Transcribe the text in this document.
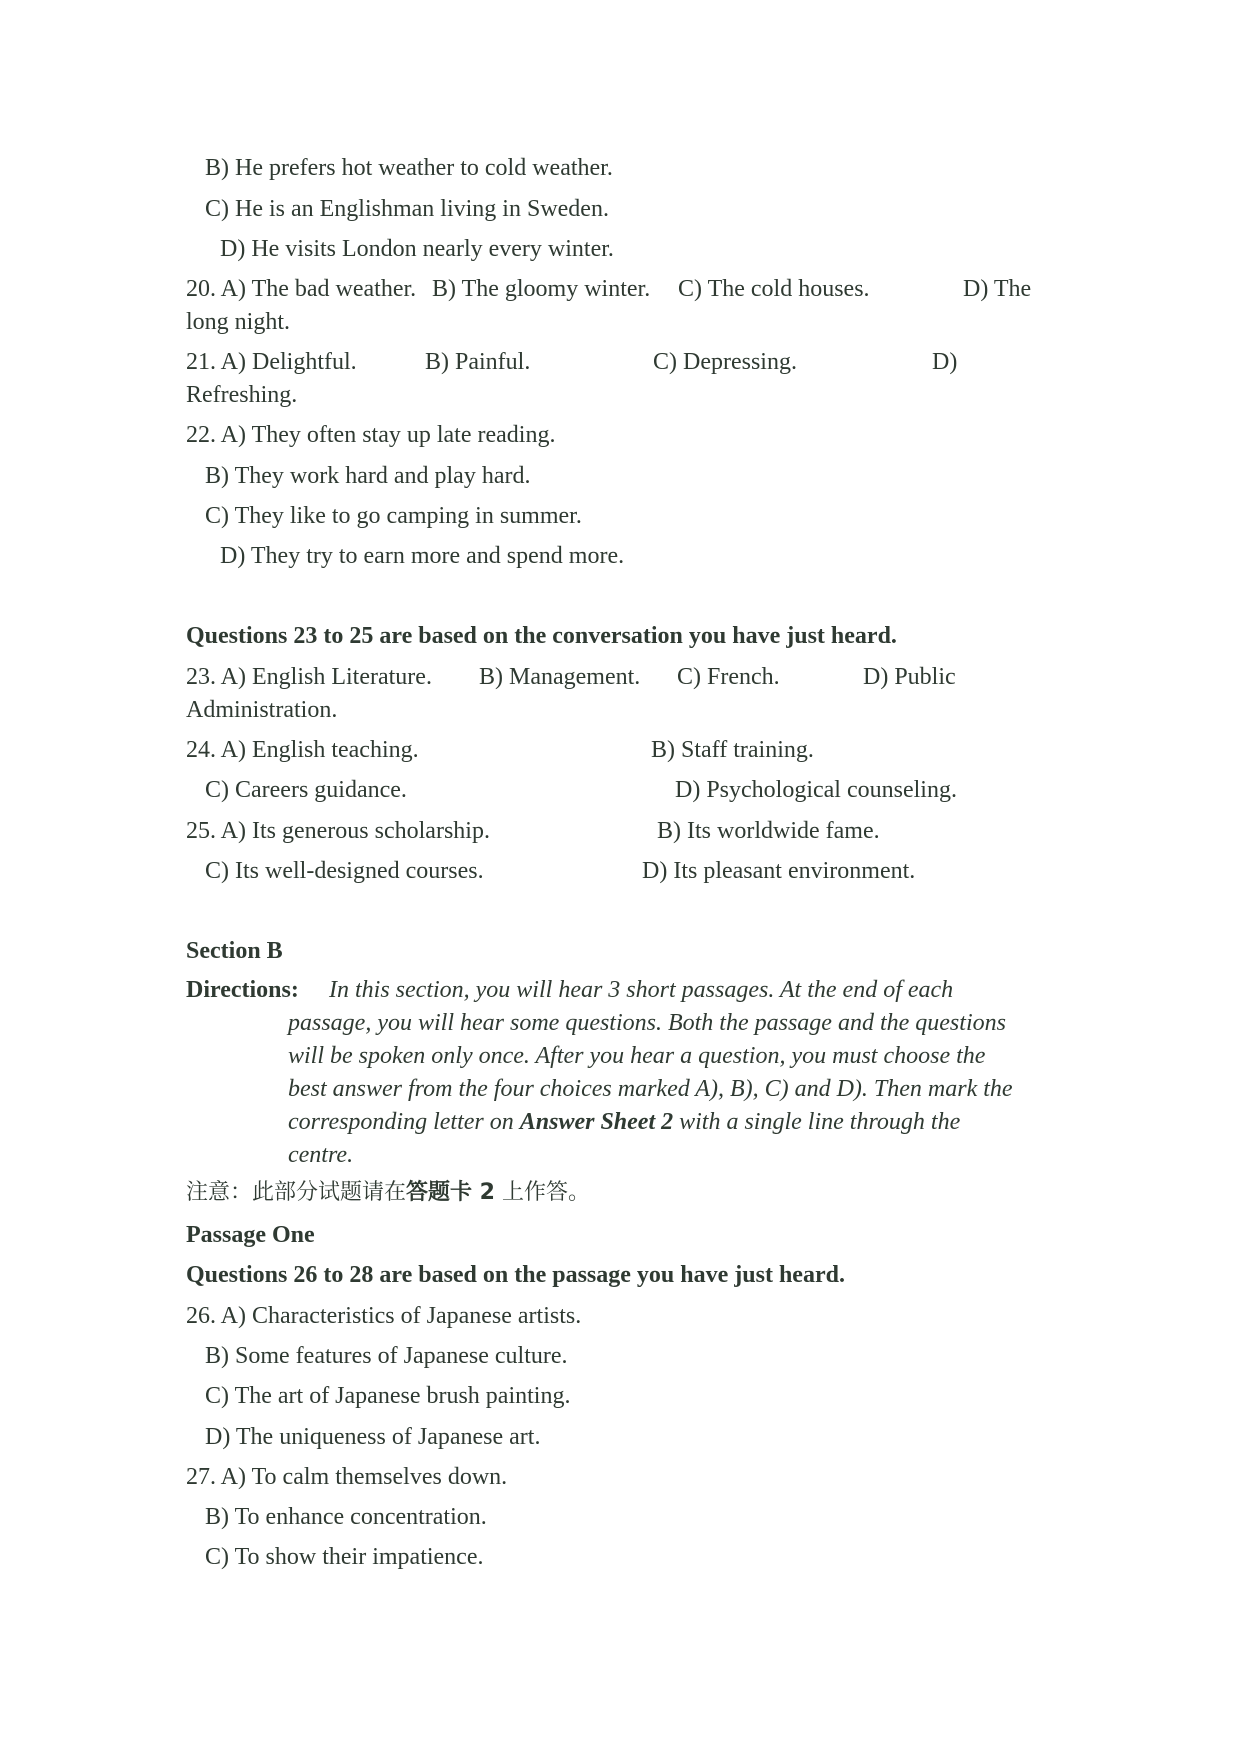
B) He prefers hot weather to cold weather.
C) He is an Englishman living in Sweden.
D) He visits London nearly every winter.
20. A) The bad weather. B) The gloomy winter. C) The cold houses.	D) The
long night.
21. A) Delightful.	B) Painful.	C) Depressing.	D)
Refreshing.
22. A) They often stay up late reading.
B) They work hard and play hard.
C) They like to go camping in summer.
D) They try to earn more and spend more.
Questions 23 to 25 are based on the conversation you have just heard.
23. A) English Literature. B) Management. C) French.	D) Public
Administration.
24. A) English teaching.	B) Staff training.
C) Careers guidance.	D) Psychological counseling.
25. A) Its generous scholarship.	B) Its worldwide fame.
C) Its well-designed courses.	D) Its pleasant environment.
Section B
Directions: In this section, you will hear 3 short passages. At the end of each
passage, you will hear some questions. Both the passage and the questions
will be spoken only once. After you hear a question, you must choose the
best answer from the four choices marked A), B), C) and D). Then mark the
corresponding letter on Answer Sheet 2 with a single line through the
centre.
注意：此部分试题请在答题卡 2 上作答。
Passage One
Questions 26 to 28 are based on the passage you have just heard.
26. A) Characteristics of Japanese artists.
B) Some features of Japanese culture.
C) The art of Japanese brush painting.
D) The uniqueness of Japanese art.
27. A) To calm themselves down.
B) To enhance concentration.
C) To show their impatience.
